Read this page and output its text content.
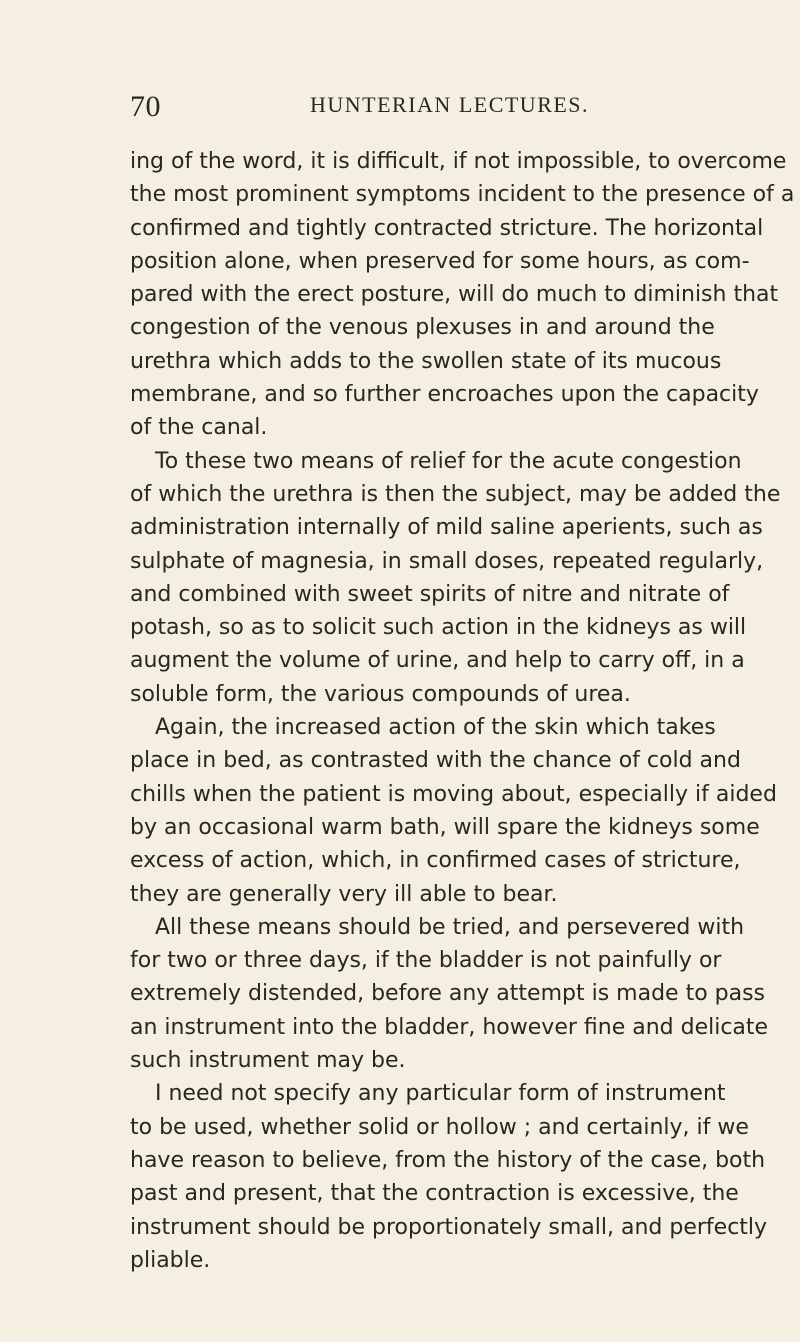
70	HUNTERIAN LECTURES.
ing of the word, it is difficult, if not impossible, to overcome
the most prominent symptoms incident to the presence of a
confirmed and tightly contracted stricture. The horizontal
position alone, when preserved for some hours, as com-
pared with the erect posture, will do much to diminish that
congestion of the venous plexuses in and around the
urethra which adds to the swollen state of its mucous
membrane, and so further encroaches upon the capacity
of the canal.
To these two means of relief for the acute congestion
of which the urethra is then the subject, may be added the
administration internally of mild saline aperients, such as
sulphate of magnesia, in small doses, repeated regularly,
and combined with sweet spirits of nitre and nitrate of
potash, so as to solicit such action in the kidneys as will
augment the volume of urine, and help to carry off, in a
soluble form, the various compounds of urea.
Again, the increased action of the skin which takes
place in bed, as contrasted with the chance of cold and
chills when the patient is moving about, especially if aided
by an occasional warm bath, will spare the kidneys some
excess of action, which, in confirmed cases of stricture,
they are generally very ill able to bear.
All these means should be tried, and persevered with
for two or three days, if the bladder is not painfully or
extremely distended, before any attempt is made to pass
an instrument into the bladder, however fine and delicate
such instrument may be.
I need not specify any particular form of instrument
to be used, whether solid or hollow ; and certainly, if we
have reason to believe, from the history of the case, both
past and present, that the contraction is excessive, the
instrument should be proportionately small, and perfectly
pliable.
